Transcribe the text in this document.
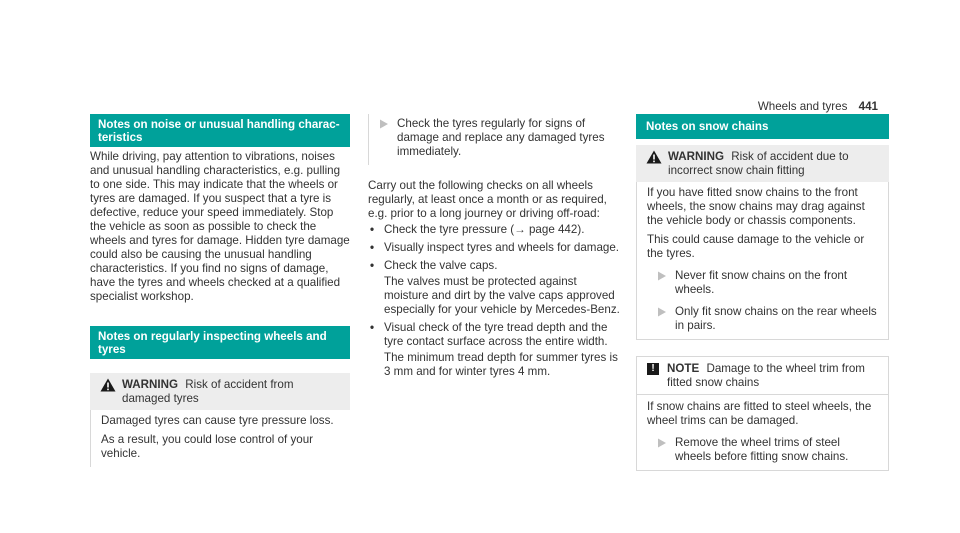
Wheels and tyres 441
Notes on noise or unusual handling charac-
teristics

While driving, pay attention to vibrations, noises and unusual handling characteristics, e.g. pulling to one side. This may indicate that the wheels or tyres are damaged. If you suspect that a tyre is defective, reduce your speed immediately. Stop the vehicle as soon as possible to check the wheels and tyres for damage. Hidden tyre damage could also be causing the unusual handling characteristics. If you find no signs of damage, have the tyres and wheels checked at a qualified specialist workshop.

Notes on regularly inspecting wheels and tyres
WARNING Risk of accident from damaged tyres

Damaged tyres can cause tyre pressure loss.

As a result, you could lose control of your vehicle.

Check the tyres regularly for signs of damage and replace any damaged tyres immediately.

Carry out the following checks on all wheels regularly, at least once a month or as required, e.g. prior to a long journey or driving off-road:

• Check the tyre pressure (→ page 442).

• Visually inspect tyres and wheels for damage.

• Check the valve caps.

The valves must be protected against moisture and dirt by the valve caps approved especially for your vehicle by Mercedes-Benz.

• Visual check of the tyre tread depth and the tyre contact surface across the entire width.

The minimum tread depth for summer tyres is 3 mm and for winter tyres 4 mm.

Notes on snow chains
WARNING Risk of accident due to incorrect snow chain fitting

If you have fitted snow chains to the front wheels, the snow chains may drag against the vehicle body or chassis components.

This could cause damage to the vehicle or the tyres.

Never fit snow chains on the front wheels.
Only fit snow chains on the rear wheels in pairs.
!	NOTE Damage to the wheel trim from fitted snow chains

If snow chains are fitted to steel wheels, the wheel trims can be damaged.

Remove the wheel trims of steel wheels before fitting snow chains.
